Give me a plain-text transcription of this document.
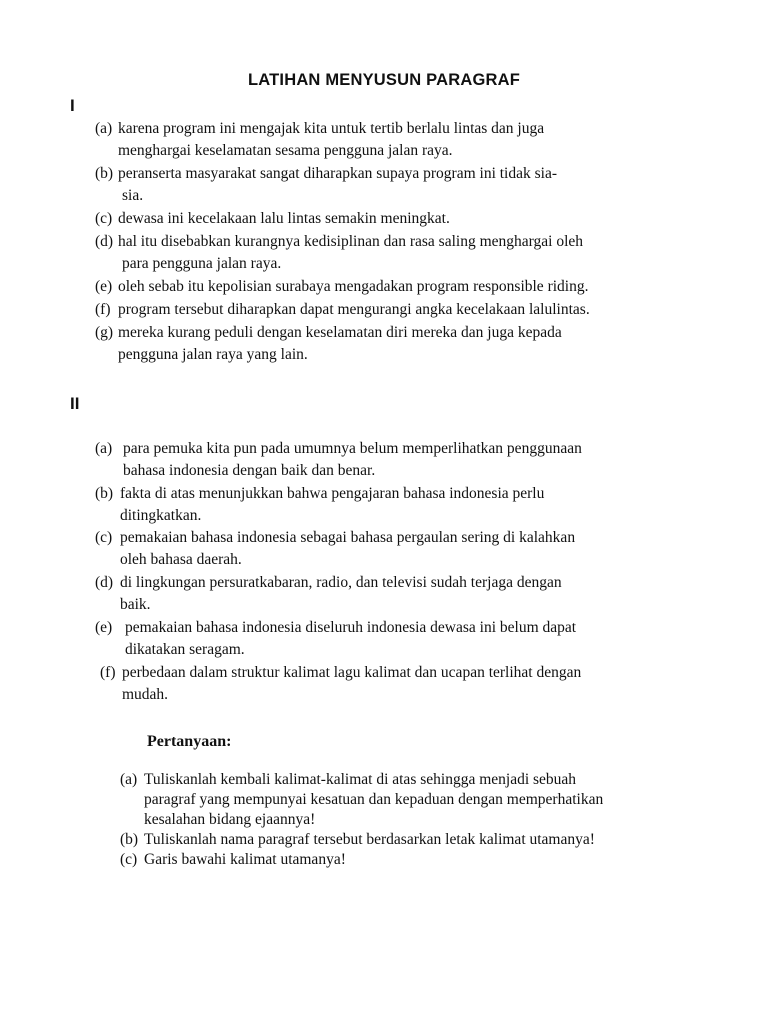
LATIHAN MENYUSUN PARAGRAF

I

(a) karena program ini mengajak kita untuk tertib berlalu lintas dan juga
menghargai keselamatan sesama pengguna jalan raya.
(b) peranserta masyarakat sangat diharapkan supaya program ini tidak sia-
sia.
(c) dewasa ini kecelakaan lalu lintas semakin meningkat.
(d) hal itu disebabkan kurangnya kedisiplinan dan rasa saling menghargai oleh
para pengguna jalan raya.
(e) oleh sebab itu kepolisian surabaya mengadakan program responsible riding.
(f) program tersebut diharapkan dapat mengurangi angka kecelakaan lalulintas.
(g) mereka kurang peduli dengan keselamatan diri mereka dan juga kepada
pengguna jalan raya yang lain.

II

(a) para pemuka kita pun pada umumnya belum memperlihatkan penggunaan
bahasa indonesia dengan baik dan benar.
(b) fakta di atas menunjukkan bahwa pengajaran bahasa indonesia perlu
ditingkatkan.
(c) pemakaian bahasa indonesia sebagai bahasa pergaulan sering di kalahkan
oleh bahasa daerah.
(d) di lingkungan persuratkabaran, radio, dan televisi sudah terjaga dengan
baik.
(e) pemakaian bahasa indonesia diseluruh indonesia dewasa ini belum dapat
dikatakan seragam.
(f) perbedaan dalam struktur kalimat lagu kalimat dan ucapan terlihat dengan
mudah.

Pertanyaan:

(a) Tuliskanlah kembali kalimat-kalimat di atas sehingga menjadi sebuah
paragraf yang mempunyai kesatuan dan kepaduan dengan memperhatikan
kesalahan bidang ejaannya!
(b) Tuliskanlah nama paragraf tersebut berdasarkan letak kalimat utamanya!
(c) Garis bawahi kalimat utamanya!
